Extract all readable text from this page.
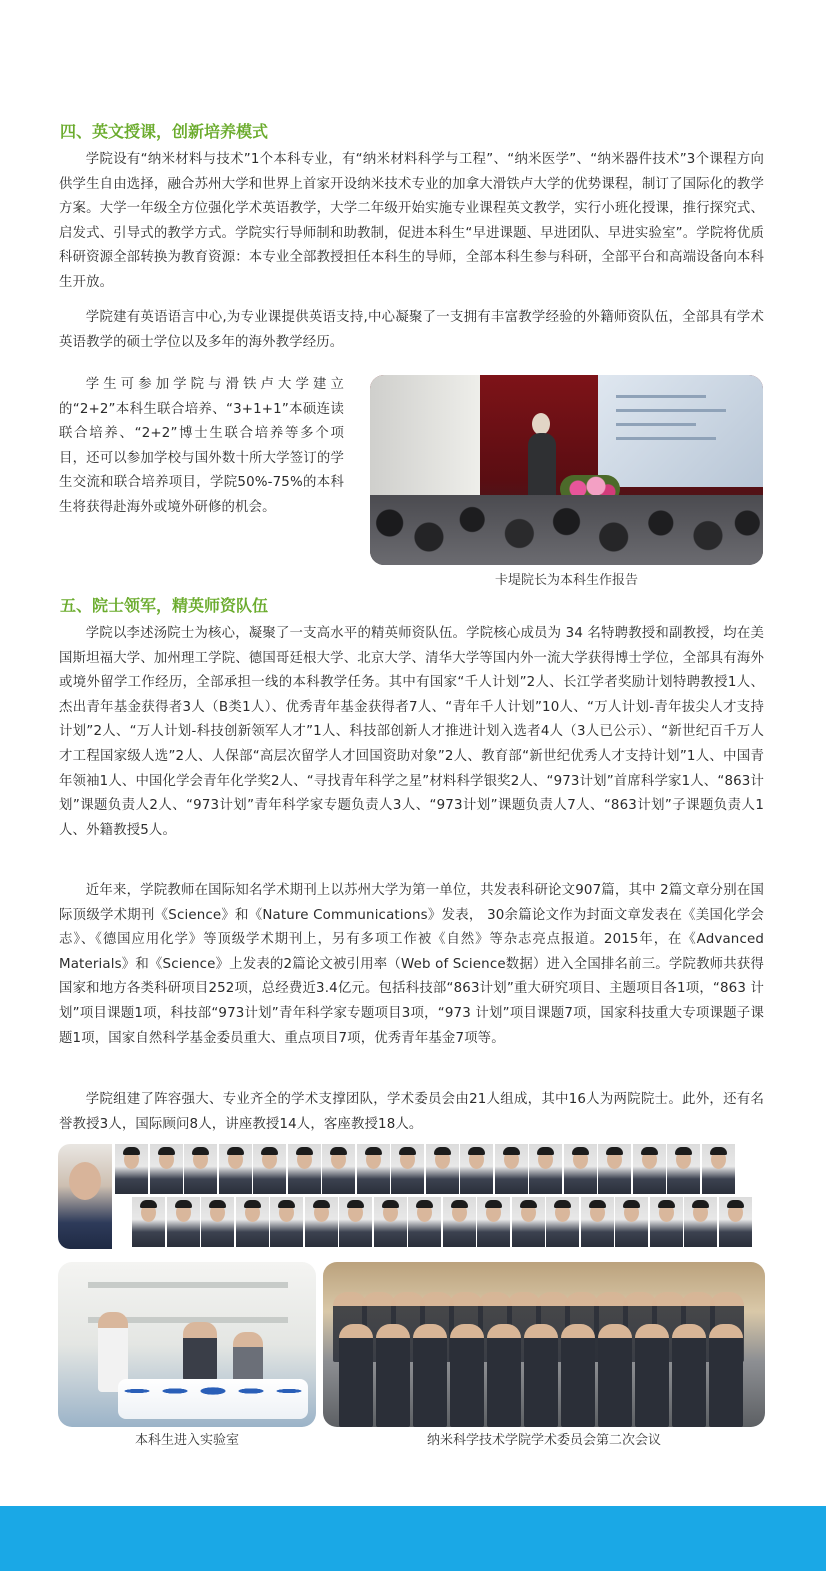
四、英文授课，创新培养模式

学院设有“纳米材料与技术”1个本科专业，有“纳米材料科学与工程”、“纳米医学”、“纳米器件技术”3个课程方向供学生自由选择，融合苏州大学和世界上首家开设纳米技术专业的加拿大滑铁卢大学的优势课程，制订了国际化的教学方案。大学一年级全方位强化学术英语教学，大学二年级开始实施专业课程英文教学，实行小班化授课，推行探究式、启发式、引导式的教学方式。学院实行导师制和助教制，促进本科生“早进课题、早进团队、早进实验室”。学院将优质科研资源全部转换为教育资源：本专业全部教授担任本科生的导师，全部本科生参与科研，全部平台和高端设备向本科生开放。

学院建有英语语言中心,为专业课提供英语支持,中心凝聚了一支拥有丰富教学经验的外籍师资队伍，全部具有学术英语教学的硕士学位以及多年的海外教学经历。

学生可参加学院与滑铁卢大学建立的“2+2”本科生联合培养、“3+1+1”本硕连读联合培养、“2+2”博士生联合培养等多个项目，还可以参加学校与国外数十所大学签订的学生交流和联合培养项目，学院50%-75%的本科生将获得赴海外或境外研修的机会。

卡堤院长为本科生作报告
五、院士领军，精英师资队伍

学院以李述汤院士为核心，凝聚了一支高水平的精英师资队伍。学院核心成员为 34 名特聘教授和副教授，均在美国斯坦福大学、加州理工学院、德国哥廷根大学、北京大学、清华大学等国内外一流大学获得博士学位，全部具有海外或境外留学工作经历，全部承担一线的本科教学任务。其中有国家“千人计划”2人、长江学者奖励计划特聘教授1人、杰出青年基金获得者3人（B类1人）、优秀青年基金获得者7人、“青年千人计划”10人、“万人计划-青年拔尖人才支持计划”2人、“万人计划-科技创新领军人才”1人、科技部创新人才推进计划入选者4人（3人已公示）、“新世纪百千万人才工程国家级人选”2人、人保部“高层次留学人才回国资助对象”2人、教育部“新世纪优秀人才支持计划”1人、中国青年领袖1人、中国化学会青年化学奖2人、“寻找青年科学之星”材料科学银奖2人、“973计划”首席科学家1人、“863计划”课题负责人2人、“973计划”青年科学家专题负责人3人、“973计划”课题负责人7人、“863计划”子课题负责人1人、外籍教授5人。

近年来，学院教师在国际知名学术期刊上以苏州大学为第一单位，共发表科研论文907篇，其中 2篇文章分别在国际顶级学术期刊《Science》和《Nature Communications》发表， 30余篇论文作为封面文章发表在《美国化学会志》、《德国应用化学》等顶级学术期刊上，另有多项工作被《自然》等杂志亮点报道。2015年，在《Advanced Materials》和《Science》上发表的2篇论文被引用率（Web of Science数据）进入全国排名前三。学院教师共获得国家和地方各类科研项目252项，总经费近3.4亿元。包括科技部“863计划”重大研究项目、主题项目各1项，“863 计划”项目课题1项，科技部“973计划”青年科学家专题项目3项，“973 计划”项目课题7项，国家科技重大专项课题子课题1项，国家自然科学基金委员重大、重点项目7项，优秀青年基金7项等。

学院组建了阵容强大、专业齐全的学术支撑团队，学术委员会由21人组成，其中16人为两院院士。此外，还有名誉教授3人，国际顾问8人，讲座教授14人，客座教授18人。

本科生进入实验室	纳米科学技术学院学术委员会第二次会议
